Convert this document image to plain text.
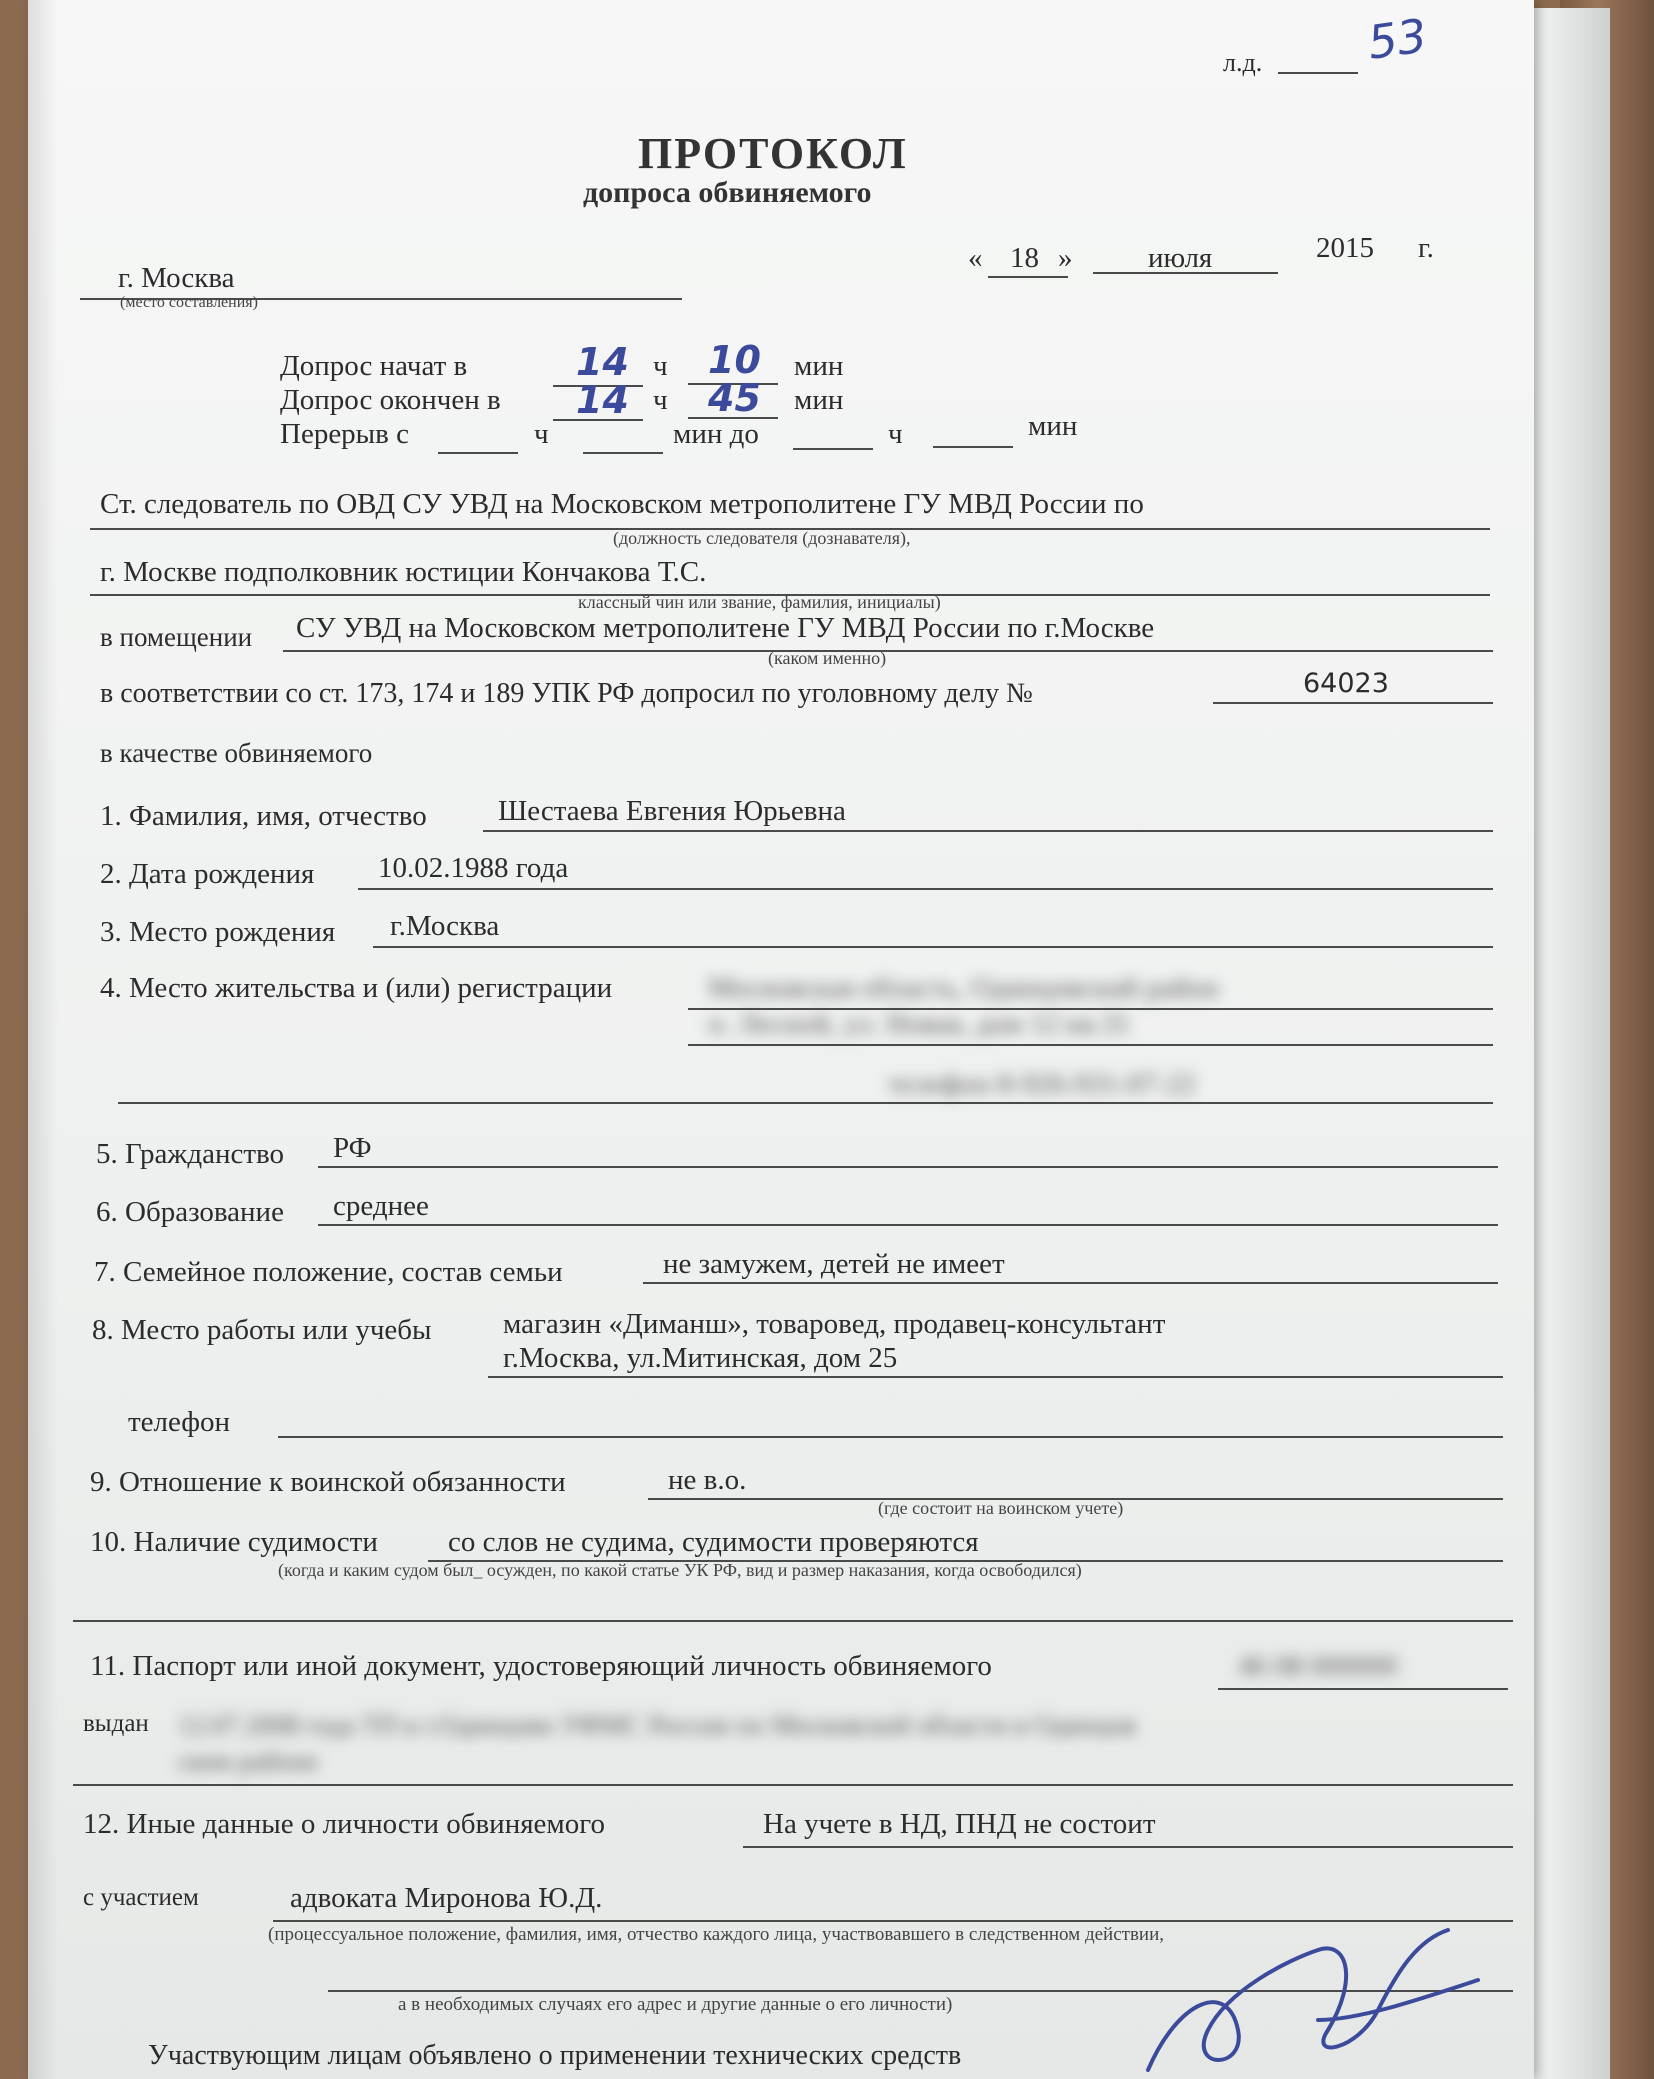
л.д. 53
ПРОТОКОЛ
допроса обвиняемого
г. Москва
(место составления)
« 18 »	июля	2015 г.
Допрос начат в	14 ч 10 мин
Допрос окончен в 14 ч 45 мин
Перерыв с	ч	мин до	ч	мин
Ст. следователь по ОВД СУ УВД на Московском метрополитене ГУ МВД России по
(должность следователя (дознавателя),
г. Москве подполковник юстиции Кончакова Т.С.
классный чин или звание, фамилия, инициалы)
в помещении СУ УВД на Московском метрополитене ГУ МВД России по г.Москве
(каком именно)
в соответствии со ст. 173, 174 и 189 УПК РФ допросил по уголовному делу №	64023
в качестве обвиняемого
1. Фамилия, имя, отчество Шестаева Евгения Юрьевна
2. Дата рождения 10.02.1988 года
3. Место рождения г.Москва
4. Место жительства и (или) регистрации	Московская область, Одинцовский район
п. Лесной, ул. Новая, дом 12 кв.31
телефон 8-926-931-07-22
5. Гражданство РФ
6. Образование среднее
7. Семейное положение, состав семьи	не замужем, детей не имеет
8. Место работы или учебы магазин «Диманш», товаровед, продавец-консультант
г.Москва, ул.Митинская, дом 25
телефон
9. Отношение к воинской обязанности	не в.о.
(где состоит на воинском учете)
10. Наличие судимости со слов не судима, судимости проверяются
(когда и каким судом был_ осужден, по какой статье УК РФ, вид и размер наказания, когда освободился)
11. Паспорт или иной документ, удостоверяющий личность обвиняемого	46 08 000000
выдан 12.07.2008 года ТП в г.Одинцово УФМС России по Московской области в Одинцов
ском районе
12. Иные данные о личности обвиняемого	На учете в НД, ПНД не состоит
с участием	адвоката Миронова Ю.Д.
(процессуальное положение, фамилия, имя, отчество каждого лица, участвовавшего в следственном действии,
а в необходимых случаях его адрес и другие данные о его личности)
Участвующим лицам объявлено о применении технических средств
